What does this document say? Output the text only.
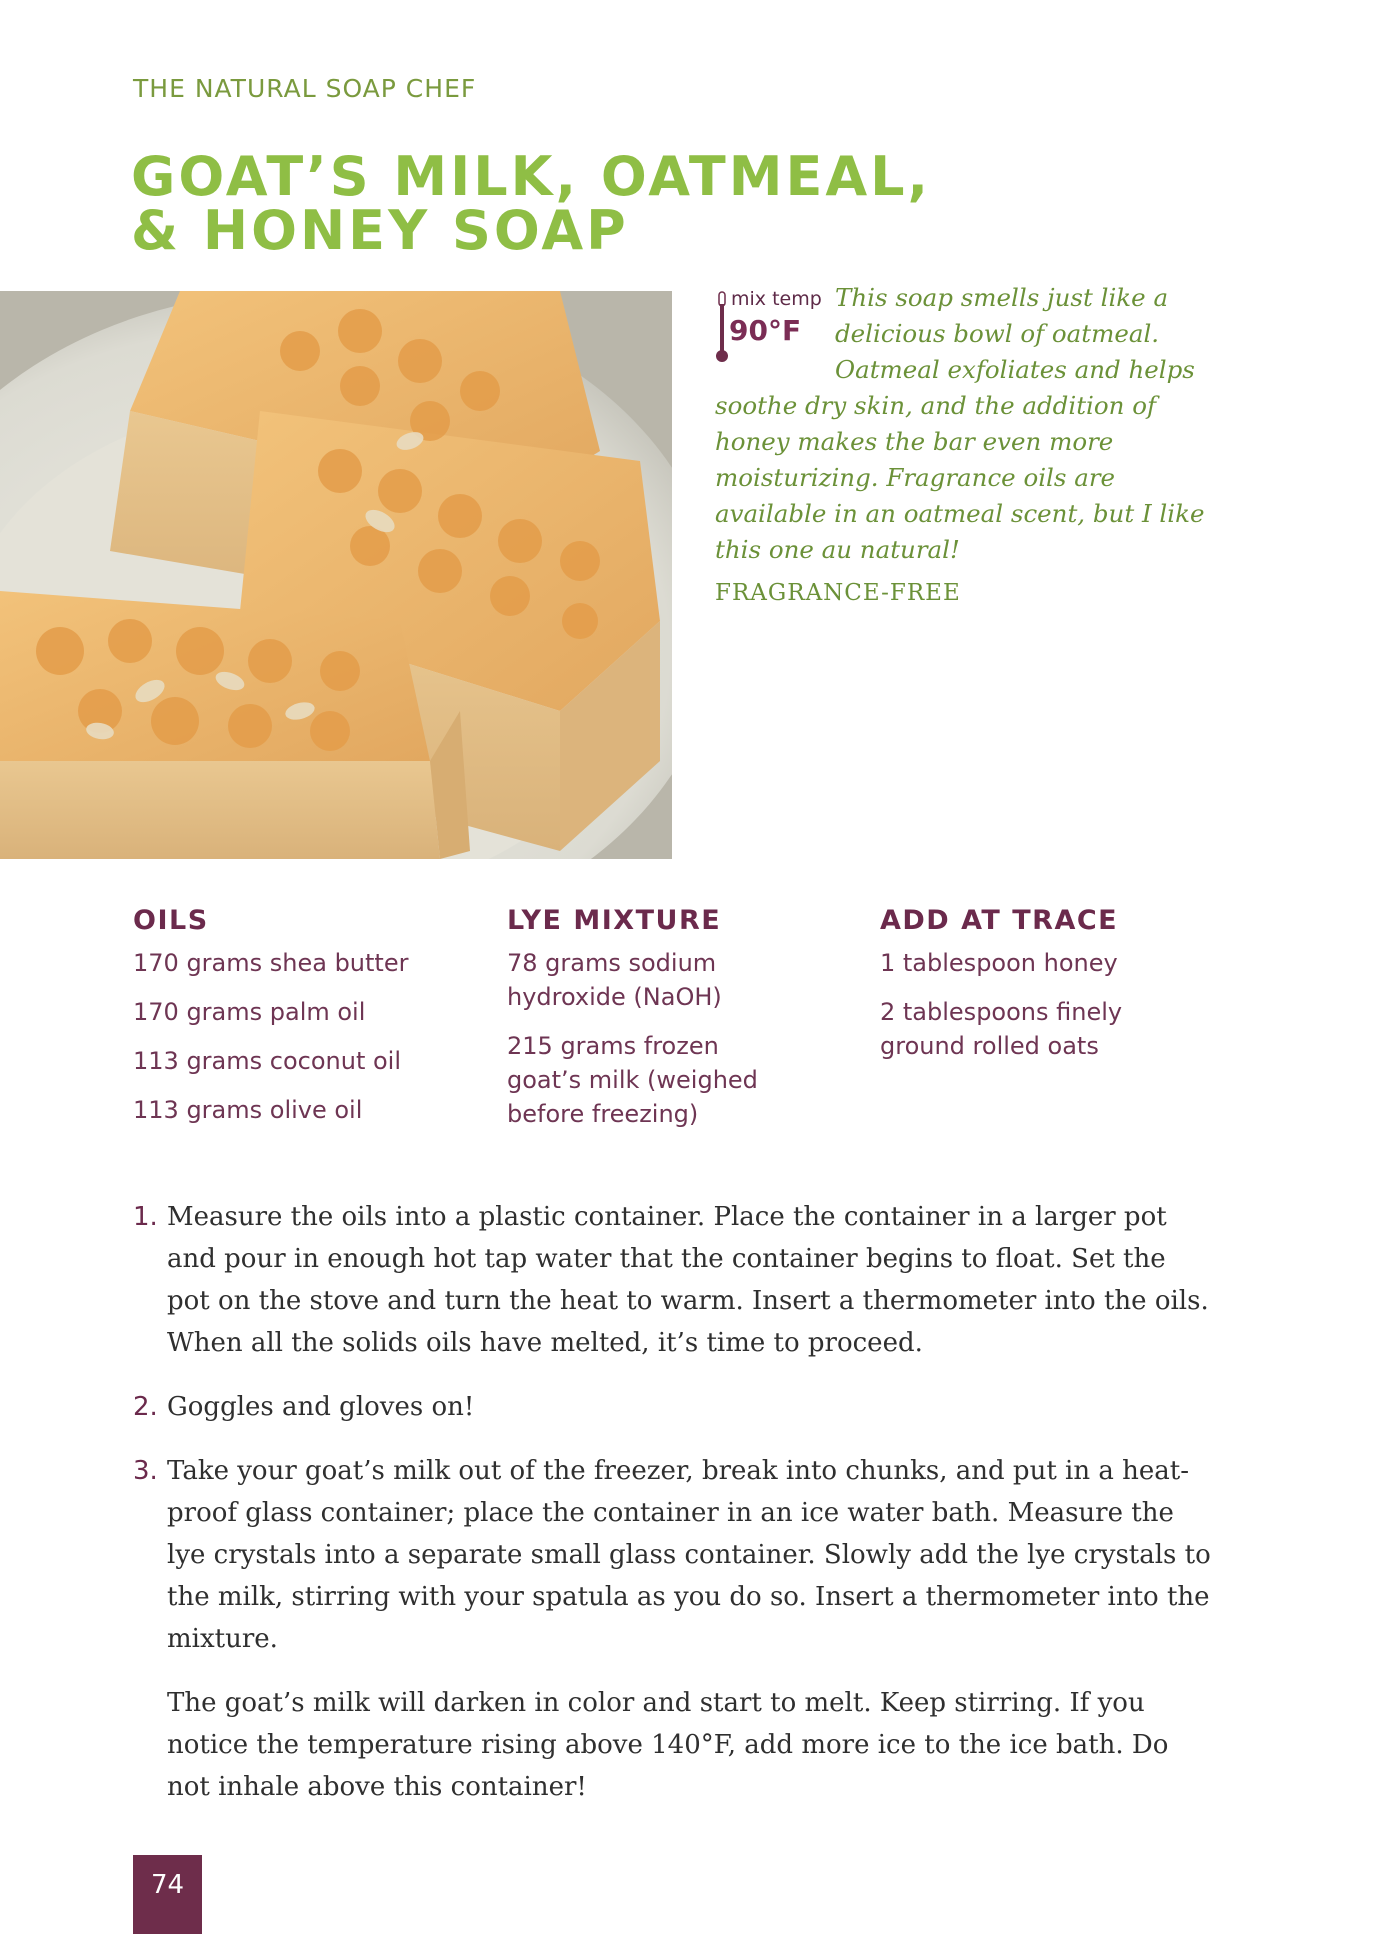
THE NATURAL SOAP CHEF
GOAT’S MILK, OATMEAL,
& HONEY SOAP
mix temp
90°F

This soap smells just like a delicious bowl of oatmeal. Oatmeal exfoliates and helps soothe dry skin, and the addition of honey makes the bar even more moisturizing. Fragrance oils are available in an oatmeal scent, but I like this one au natural!

FRAGRANCE-FREE
OILS
170 grams shea butter
170 grams palm oil
113 grams coconut oil
113 grams olive oil
LYE MIXTURE
78 grams sodium hydroxide (NaOH)
215 grams frozen goat’s milk (weighed before freezing)
ADD AT TRACE
1 tablespoon honey
2 tablespoons finely ground rolled oats
1. Measure the oils into a plastic container. Place the container in a larger pot and pour in enough hot tap water that the container begins to float. Set the pot on the stove and turn the heat to warm. Insert a thermometer into the oils. When all the solids oils have melted, it’s time to proceed.

2. Goggles and gloves on!

3. Take your goat’s milk out of the freezer, break into chunks, and put in a heat-proof glass container; place the container in an ice water bath. Measure the lye crystals into a separate small glass container. Slowly add the lye crystals to the milk, stirring with your spatula as you do so. Insert a thermometer into the mixture.

The goat’s milk will darken in color and start to melt. Keep stirring. If you notice the temperature rising above 140°F, add more ice to the ice bath. Do not inhale above this container!

74
